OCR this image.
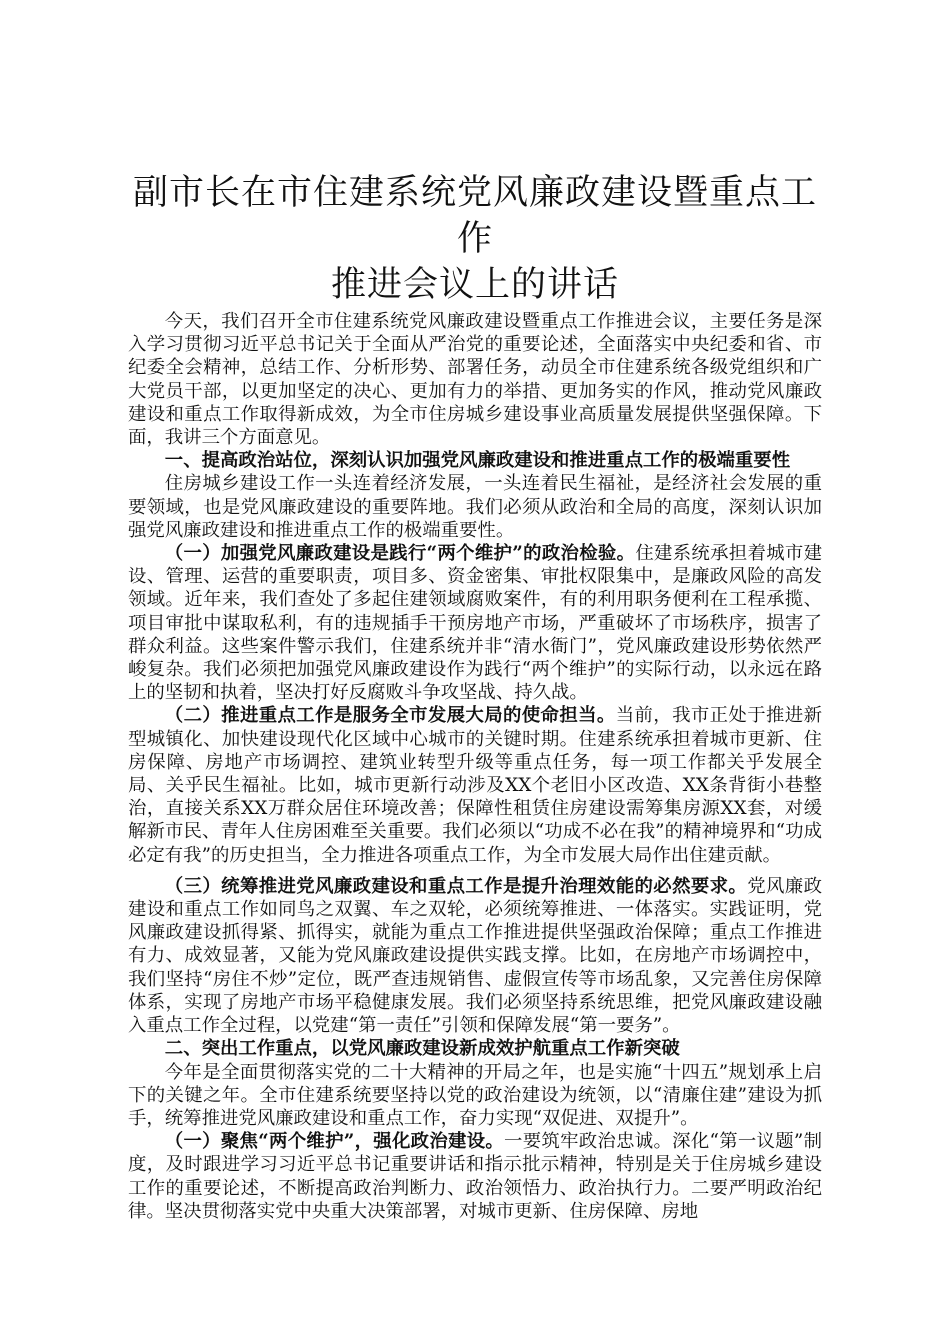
副市长在市住建系统党风廉政建设暨重点工作
推进会议上的讲话

今天，我们召开全市住建系统党风廉政建设暨重点工作推进会议，主要任务是深入学习贯彻习近平总书记关于全面从严治党的重要论述，全面落实中央纪委和省、市纪委全会精神，总结工作、分析形势、部署任务，动员全市住建系统各级党组织和广大党员干部，以更加坚定的决心、更加有力的举措、更加务实的作风，推动党风廉政建设和重点工作取得新成效，为全市住房城乡建设事业高质量发展提供坚强保障。下面，我讲三个方面意见。

一、提高政治站位，深刻认识加强党风廉政建设和推进重点工作的极端重要性

住房城乡建设工作一头连着经济发展，一头连着民生福祉，是经济社会发展的重要领域，也是党风廉政建设的重要阵地。我们必须从政治和全局的高度，深刻认识加强党风廉政建设和推进重点工作的极端重要性。

（一）加强党风廉政建设是践行“两个维护”的政治检验。住建系统承担着城市建设、管理、运营的重要职责，项目多、资金密集、审批权限集中，是廉政风险的高发领域。近年来，我们查处了多起住建领域腐败案件，有的利用职务便利在工程承揽、项目审批中谋取私利，有的违规插手干预房地产市场，严重破坏了市场秩序，损害了群众利益。这些案件警示我们，住建系统并非“清水衙门”，党风廉政建设形势依然严峻复杂。我们必须把加强党风廉政建设作为践行“两个维护”的实际行动，以永远在路上的坚韧和执着，坚决打好反腐败斗争攻坚战、持久战。

（二）推进重点工作是服务全市发展大局的使命担当。当前，我市正处于推进新型城镇化、加快建设现代化区域中心城市的关键时期。住建系统承担着城市更新、住房保障、房地产市场调控、建筑业转型升级等重点任务，每一项工作都关乎发展全局、关乎民生福祉。比如，城市更新行动涉及XX个老旧小区改造、XX条背街小巷整治，直接关系XX万群众居住环境改善；保障性租赁住房建设需筹集房源XX套，对缓解新市民、青年人住房困难至关重要。我们必须以“功成不必在我”的精神境界和“功成必定有我”的历史担当，全力推进各项重点工作，为全市发展大局作出住建贡献。

（三）统筹推进党风廉政建设和重点工作是提升治理效能的必然要求。党风廉政建设和重点工作如同鸟之双翼、车之双轮，必须统筹推进、一体落实。实践证明，党风廉政建设抓得紧、抓得实，就能为重点工作推进提供坚强政治保障；重点工作推进有力、成效显著，又能为党风廉政建设提供实践支撑。比如，在房地产市场调控中，我们坚持“房住不炒”定位，既严查违规销售、虚假宣传等市场乱象，又完善住房保障体系，实现了房地产市场平稳健康发展。我们必须坚持系统思维，把党风廉政建设融入重点工作全过程，以党建“第一责任”引领和保障发展“第一要务”。

二、突出工作重点，以党风廉政建设新成效护航重点工作新突破

今年是全面贯彻落实党的二十大精神的开局之年，也是实施“十四五”规划承上启下的关键之年。全市住建系统要坚持以党的政治建设为统领，以“清廉住建”建设为抓手，统筹推进党风廉政建设和重点工作，奋力实现“双促进、双提升”。

（一）聚焦“两个维护”，强化政治建设。一要筑牢政治忠诚。深化“第一议题”制度，及时跟进学习习近平总书记重要讲话和指示批示精神，特别是关于住房城乡建设工作的重要论述，不断提高政治判断力、政治领悟力、政治执行力。二要严明政治纪律。坚决贯彻落实党中央重大决策部署，对城市更新、住房保障、房地
